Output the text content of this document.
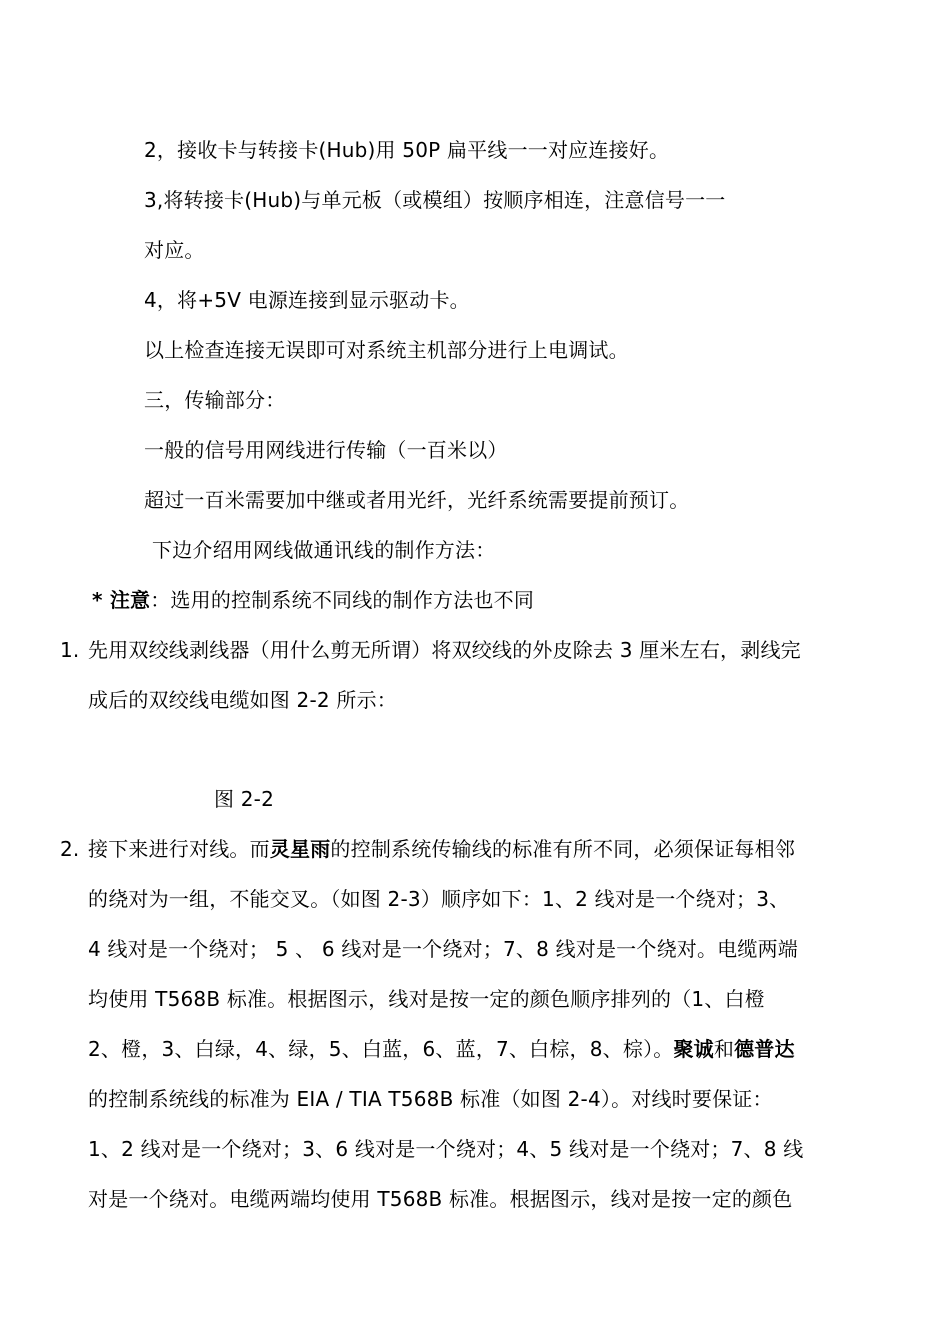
2，接收卡与转接卡(Hub)用 50P 扁平线一一对应连接好。
3,将转接卡(Hub)与单元板（或模组）按顺序相连，注意信号一一
对应。
4，将+5V 电源连接到显示驱动卡。
以上检查连接无误即可对系统主机部分进行上电调试。
三，传输部分：
一般的信号用网线进行传输（一百米以）
超过一百米需要加中继或者用光纤，光纤系统需要提前预订。
下边介绍用网线做通讯线的制作方法：
* 注意：选用的控制系统不同线的制作方法也不同
1. 先用双绞线剥线器（用什么剪无所谓）将双绞线的外皮除去 3 厘米左右，剥线完
成后的双绞线电缆如图 2-2 所示：
图 2-2
2. 接下来进行对线。而灵星雨的控制系统传输线的标准有所不同，必须保证每相邻
的绕对为一组，不能交叉。（如图 2-3）顺序如下：1、2 线对是一个绕对；3、
4 线对是一个绕对； 5 、 6 线对是一个绕对；7、8 线对是一个绕对。电缆两端
均使用 T568B 标准。根据图示，线对是按一定的颜色顺序排列的（1、白橙
2、橙，3、白绿，4、绿，5、白蓝，6、蓝，7、白棕，8、棕）。聚诚和德普达
的控制系统线的标准为 EIA / TIA T568B 标准（如图 2-4）。对线时要保证：
1、2 线对是一个绕对；3、6 线对是一个绕对；4、5 线对是一个绕对；7、8 线
对是一个绕对。电缆两端均使用 T568B 标准。根据图示，线对是按一定的颜色
